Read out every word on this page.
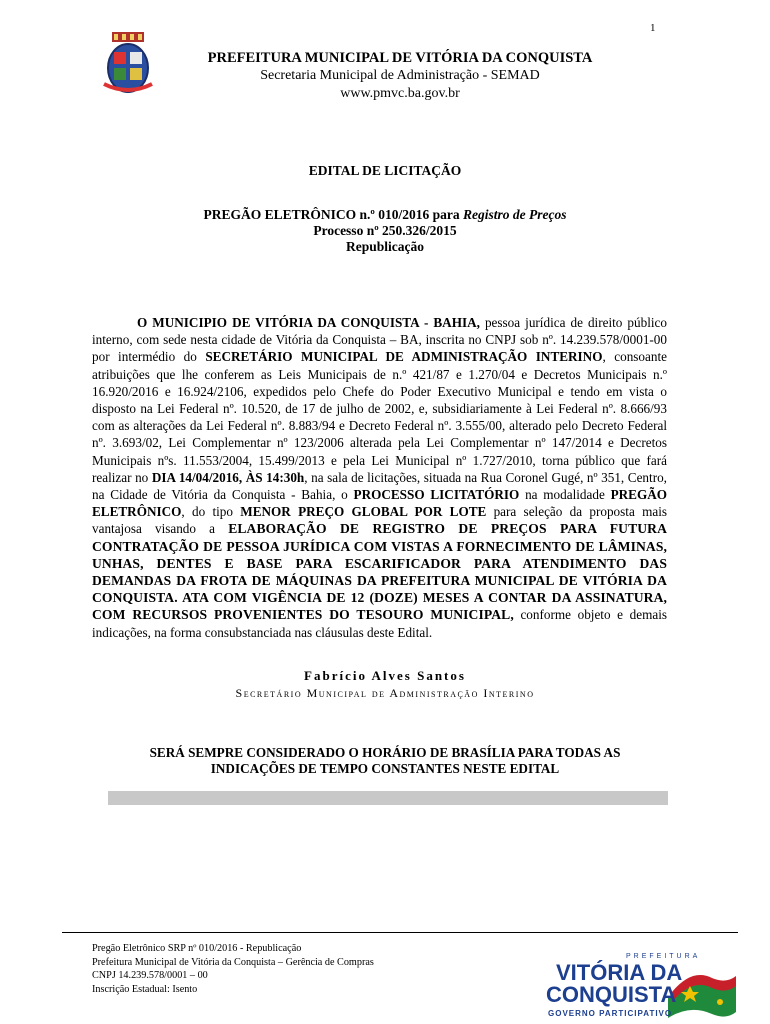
1
PREFEITURA MUNICIPAL DE VITÓRIA DA CONQUISTA
Secretaria Municipal de Administração - SEMAD
www.pmvc.ba.gov.br
EDITAL DE LICITAÇÃO
PREGÃO ELETRÔNICO n.º 010/2016 para Registro de Preços
Processo nº 250.326/2015
Republicação
O MUNICIPIO DE VITÓRIA DA CONQUISTA - BAHIA, pessoa jurídica de direito público interno, com sede nesta cidade de Vitória da Conquista – BA, inscrita no CNPJ sob nº. 14.239.578/0001-00 por intermédio do SECRETÁRIO MUNICIPAL DE ADMINISTRAÇÃO INTERINO, consoante atribuições que lhe conferem as Leis Municipais de n.º 421/87 e 1.270/04 e Decretos Municipais n.º 16.920/2016 e 16.924/2106, expedidos pelo Chefe do Poder Executivo Municipal e tendo em vista o disposto na Lei Federal nº. 10.520, de 17 de julho de 2002, e, subsidiariamente à Lei Federal nº. 8.666/93 com as alterações da Lei Federal nº. 8.883/94 e Decreto Federal nº. 3.555/00, alterado pelo Decreto Federal nº. 3.693/02, Lei Complementar nº 123/2006 alterada pela Lei Complementar nº 147/2014 e Decretos Municipais nºs. 11.553/2004, 15.499/2013 e pela Lei Municipal nº 1.727/2010, torna público que fará realizar no DIA 14/04/2016, ÀS 14:30h, na sala de licitações, situada na Rua Coronel Gugé, nº 351, Centro, na Cidade de Vitória da Conquista - Bahia, o PROCESSO LICITATÓRIO na modalidade PREGÃO ELETRÔNICO, do tipo MENOR PREÇO GLOBAL POR LOTE para seleção da proposta mais vantajosa visando a ELABORAÇÃO DE REGISTRO DE PREÇOS PARA FUTURA CONTRATAÇÃO DE PESSOA JURÍDICA COM VISTAS A FORNECIMENTO DE LÂMINAS, UNHAS, DENTES E BASE PARA ESCARIFICADOR PARA ATENDIMENTO DAS DEMANDAS DA FROTA DE MÁQUINAS DA PREFEITURA MUNICIPAL DE VITÓRIA DA CONQUISTA. ATA COM VIGÊNCIA DE 12 (DOZE) MESES A CONTAR DA ASSINATURA, COM RECURSOS PROVENIENTES DO TESOURO MUNICIPAL, conforme objeto e demais indicações, na forma consubstanciada nas cláusulas deste Edital.
Fabrício Alves Santos
Secretário Municipal de Administração Interino
SERÁ SEMPRE CONSIDERADO O HORÁRIO DE BRASÍLIA PARA TODAS AS
INDICAÇÕES DE TEMPO CONSTANTES NESTE EDITAL
Pregão Eletrônico SRP nº 010/2016 - Republicação
Prefeitura Municipal de Vitória da Conquista – Gerência de Compras
CNPJ 14.239.578/0001 – 00
Inscrição Estadual: Isento
PREFEITURA
VITÓRIA DA
CONQUISTA
GOVERNO PARTICIPATIVO
